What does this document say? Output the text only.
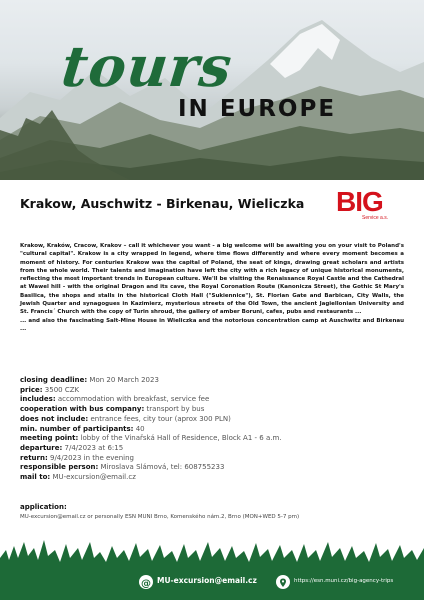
tours
IN EUROPE
Krakow, Auschwitz - Birkenau, Wieliczka BIG
Service a.s.

Krakow, Kraków, Cracow, Krakov – call it whichever you want - a big welcome will be awaiting you on your visit to Poland's "cultural capital". Krakow is a city wrapped in legend, where time flows differently and where every moment becomes a moment of history. For centuries Krakow was the capital of Poland, the seat of kings, drawing great scholars and artists from the whole world. Their talents and imagination have left the city with a rich legacy of unique historical monuments, reflecting the most important trends in European culture. We'll be visiting the Renaissance Royal Castle and the Cathedral at Wawel hill - with the original Dragon and its cave, the Royal Coronation Route (Kanonicza Street), the Gothic St Mary's Basilica, the shops and stalls in the historical Cloth Hall ("Sukiennice"), St. Florian Gate and Barbican, City Walls, the Jewish Quarter and synagogues in Kazimierz, mysterious streets of the Old Town, the ancient Jagiellonian University and St. Francis´ Church with the copy of Turin shroud, the gallery of amber Boruni, cafes, pubs and restaurants ...

... and also the fascinating Salt-Mine House in Wieliczka and the notorious concentration camp at Auschwitz and Birkenau ...

closing deadline: Mon 20 March 2023
price: 3500 CZK
includes: accommodation with breakfast, service fee
cooperation with bus company: transport by bus
does not include: entrance fees, city tour (aprox 300 PLN)
min. number of participants: 40
meeting point: lobby of the Vinařská Hall of Residence, Block A1 - 6 a.m.
departure: 7/4/2023 at 6:15
return: 9/4/2023 in the evening
responsible person: Miroslava Slámová, tel: 608755233
mail to: MU-excursion@email.cz
application:
MU-excursion@email.cz or personally ESN MUNI Brno, Komenského nám.2, Brno (MON+WED 5-7 pm)
@ MU-excursion@email.cz	https://esn.muni.cz/big-agency-trips
